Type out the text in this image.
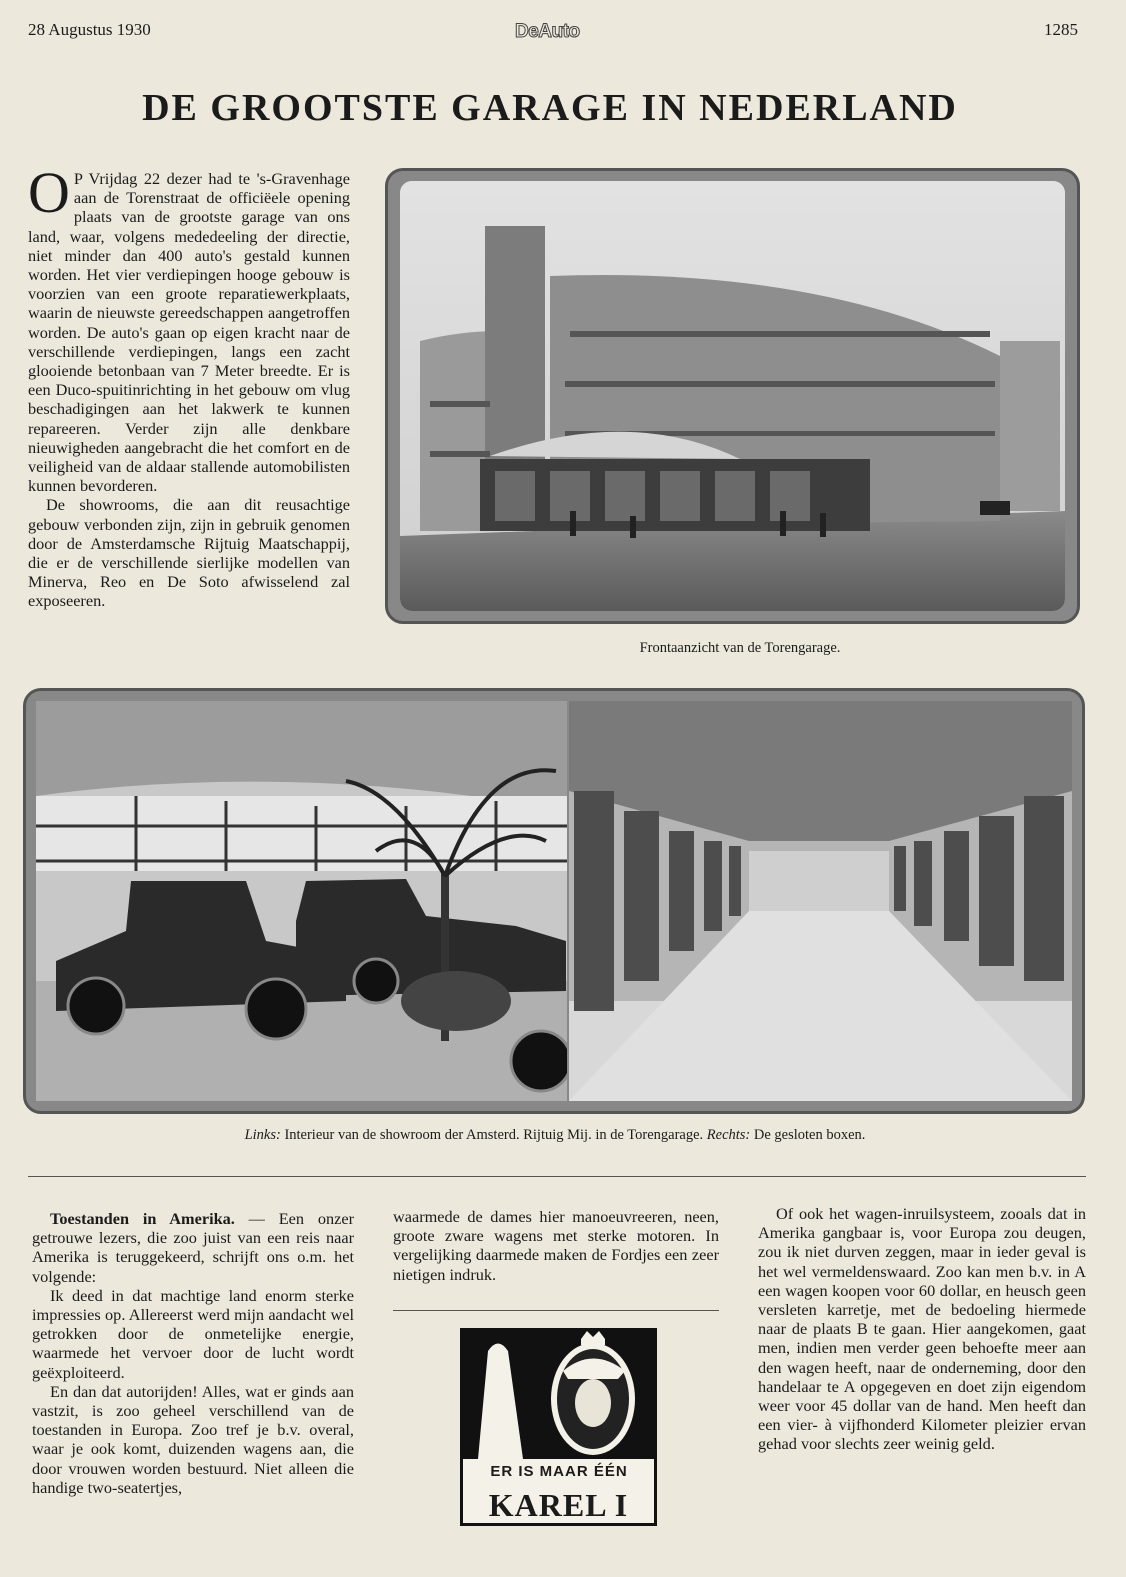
28 Augustus 1930	DeAuto	1285
DE GROOTSTE GARAGE IN NEDERLAND

O P Vrijdag 22 dezer had te 's-Gravenhage aan de Torenstraat de officiëele opening plaats van de grootste garage van ons land, waar, volgens mededeeling der directie, niet minder dan 400 auto's gestald kunnen worden. Het vier verdiepingen hooge gebouw is voorzien van een groote reparatiewerkplaats, waarin de nieuwste gereedschappen aangetroffen worden. De auto's gaan op eigen kracht naar de verschillende verdiepingen, langs een zacht glooiende betonbaan van 7 Meter breedte. Er is een Duco-spuitinrichting in het gebouw om vlug beschadigingen aan het lakwerk te kunnen repareeren. Verder zijn alle denkbare nieuwigheden aangebracht die het comfort en de veiligheid van de aldaar stallende automobilisten kunnen bevorderen.

De showrooms, die aan dit reusachtige gebouw verbonden zijn, zijn in gebruik genomen door de Amsterdamsche Rijtuig Maatschappij, die er de verschillende sierlijke modellen van Minerva, Reo en De Soto afwisselend zal exposeeren.

Frontaanzicht van de Torengarage.
Links: Interieur van de showroom der Amsterd. Rijtuig Mij. in de Torengarage. Rechts: De gesloten boxen.

Toestanden in Amerika. — Een onzer getrouwe lezers, die zoo juist van een reis naar Amerika is teruggekeerd, schrijft ons o.m. het volgende:

Ik deed in dat machtige land enorm sterke impressies op. Allereerst werd mijn aandacht wel getrokken door de onmetelijke energie, waarmede het vervoer door de lucht wordt geëxploiteerd.

En dan dat autorijden! Alles, wat er ginds aan vastzit, is zoo geheel verschillend van de toestanden in Europa. Zoo tref je b.v. overal, waar je ook komt, duizenden wagens aan, die door vrouwen worden bestuurd. Niet alleen die handige two-seatertjes,

waarmede de dames hier manoeuvreeren, neen, groote zware wagens met sterke motoren. In vergelijking daarmede maken de Fordjes een zeer nietigen indruk.

ER IS MAAR ÉÉN
KAREL I

Of ook het wagen-inruilsysteem, zooals dat in Amerika gangbaar is, voor Europa zou deugen, zou ik niet durven zeggen, maar in ieder geval is het wel vermeldenswaard. Zoo kan men b.v. in A een wagen koopen voor 60 dollar, en heusch geen versleten karretje, met de bedoeling hiermede naar de plaats B te gaan. Hier aangekomen, gaat men, indien men verder geen behoefte meer aan den wagen heeft, naar de onderneming, door den handelaar te A opgegeven en doet zijn eigendom weer voor 45 dollar van de hand. Men heeft dan een vier- à vijfhonderd Kilometer pleizier ervan gehad voor slechts zeer weinig geld.
